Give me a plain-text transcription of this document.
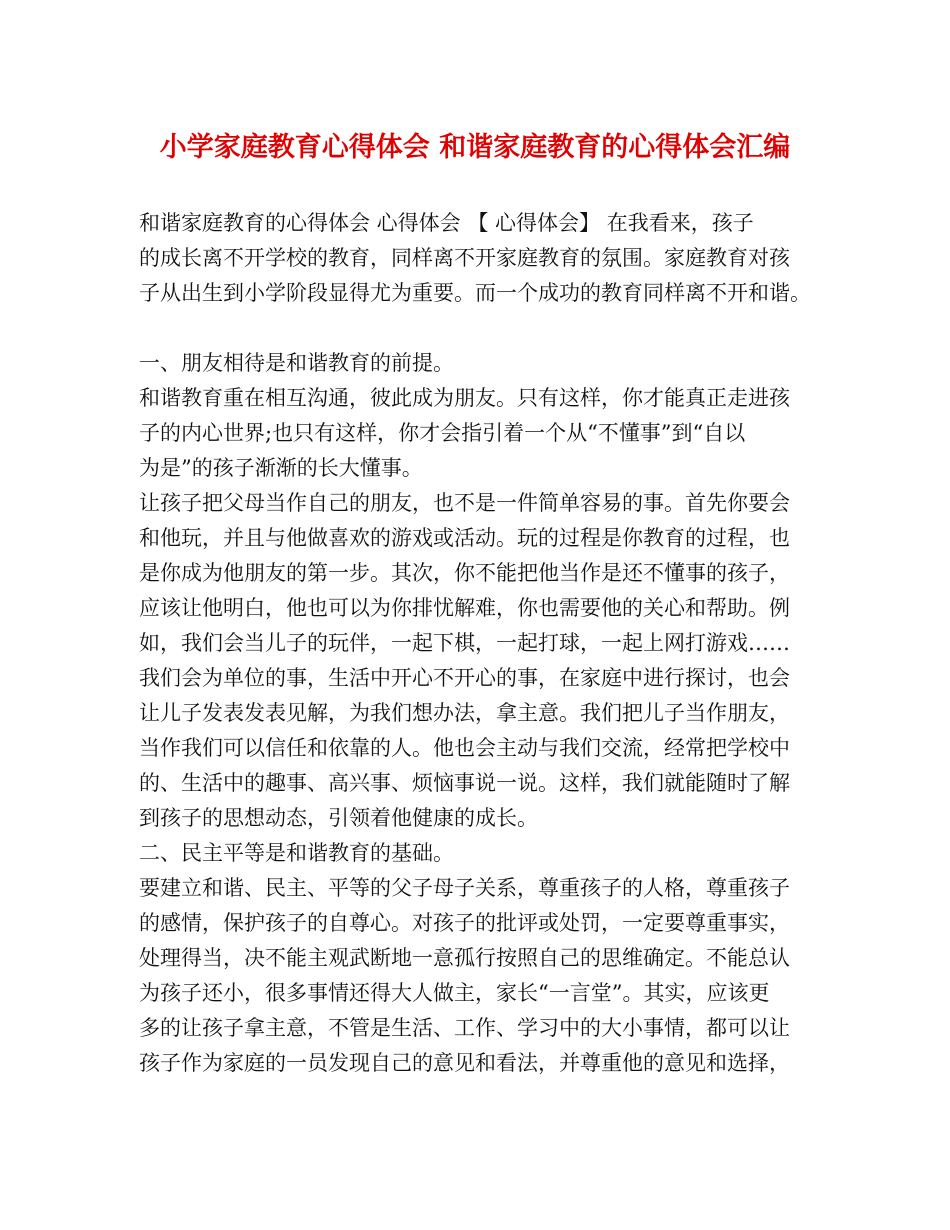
小学家庭教育心得体会 和谐家庭教育的心得体会汇编
和谐家庭教育的心得体会 心得体会 【 心得体会】 在我看来，孩子
的成长离不开学校的教育，同样离不开家庭教育的氛围。家庭教育对孩
子从出生到小学阶段显得尤为重要。而一个成功的教育同样离不开和谐。
一、朋友相待是和谐教育的前提。
和谐教育重在相互沟通，彼此成为朋友。只有这样，你才能真正走进孩
子的内心世界;也只有这样，你才会指引着一个从“不懂事”到“自以
为是”的孩子渐渐的长大懂事。
让孩子把父母当作自己的朋友，也不是一件简单容易的事。首先你要会
和他玩，并且与他做喜欢的游戏或活动。玩的过程是你教育的过程，也
是你成为他朋友的第一步。其次，你不能把他当作是还不懂事的孩子，
应该让他明白，他也可以为你排忧解难，你也需要他的关心和帮助。例
如，我们会当儿子的玩伴，一起下棋，一起打球，一起上网打游戏……
我们会为单位的事，生活中开心不开心的事，在家庭中进行探讨，也会
让儿子发表发表见解，为我们想办法，拿主意。我们把儿子当作朋友，
当作我们可以信任和依靠的人。他也会主动与我们交流，经常把学校中
的、生活中的趣事、高兴事、烦恼事说一说。这样，我们就能随时了解
到孩子的思想动态，引领着他健康的成长。
二、民主平等是和谐教育的基础。
要建立和谐、民主、平等的父子母子关系，尊重孩子的人格，尊重孩子
的感情，保护孩子的自尊心。对孩子的批评或处罚，一定要尊重事实，
处理得当，决不能主观武断地一意孤行按照自己的思维确定。不能总认
为孩子还小，很多事情还得大人做主，家长“一言堂”。其实，应该更
多的让孩子拿主意，不管是生活、工作、学习中的大小事情，都可以让
孩子作为家庭的一员发现自己的意见和看法，并尊重他的意见和选择，
